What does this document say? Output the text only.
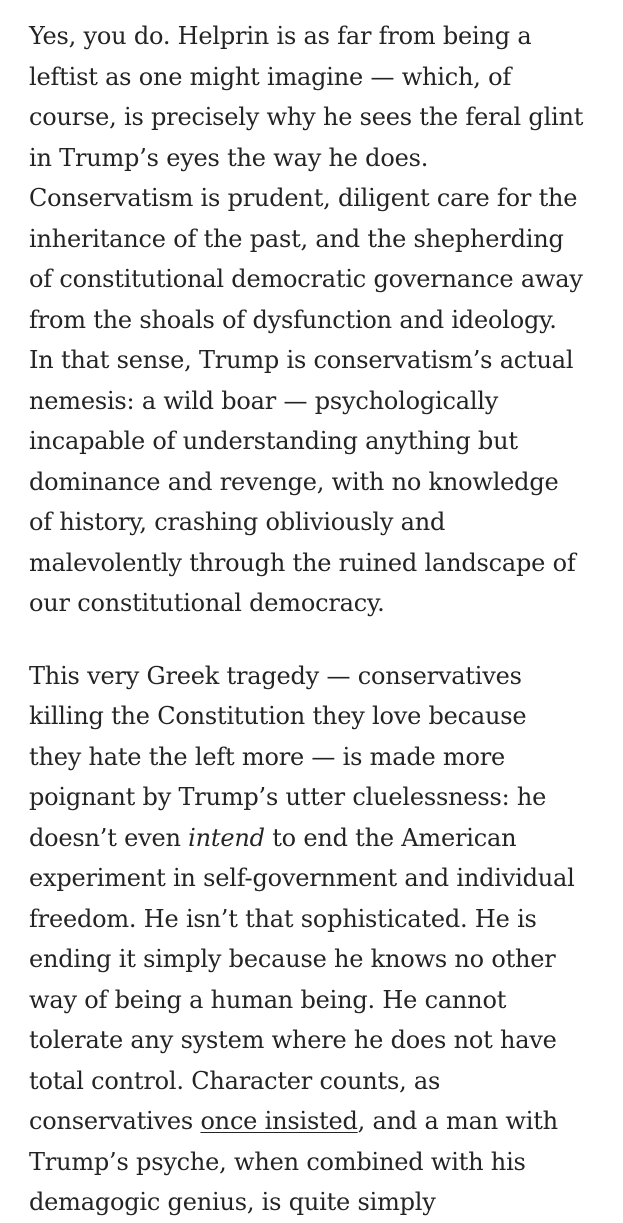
Yes, you do. Helprin is as far from being a
leftist as one might imagine — which, of
course, is precisely why he sees the feral glint
in Trump’s eyes the way he does.
Conservatism is prudent, diligent care for the
inheritance of the past, and the shepherding
of constitutional democratic governance away
from the shoals of dysfunction and ideology.
In that sense, Trump is conservatism’s actual
nemesis: a wild boar — psychologically
incapable of understanding anything but
dominance and revenge, with no knowledge
of history, crashing obliviously and
malevolently through the ruined landscape of
our constitutional democracy.

This very Greek tragedy — conservatives
killing the Constitution they love because
they hate the left more — is made more
poignant by Trump’s utter cluelessness: he
doesn’t even intend to end the American
experiment in self-government and individual
freedom. He isn’t that sophisticated. He is
ending it simply because he knows no other
way of being a human being. He cannot
tolerate any system where he does not have
total control. Character counts, as
conservatives once insisted, and a man with
Trump’s psyche, when combined with his
demagogic genius, is quite simply
